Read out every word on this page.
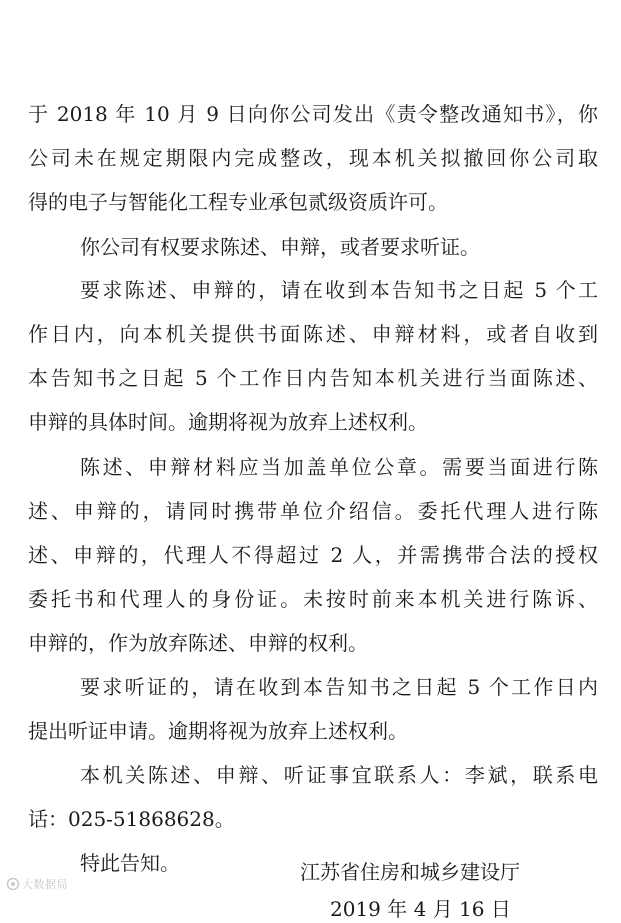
于 2018 年 10 月 9 日向你公司发出《责令整改通知书》，你
公司未在规定期限内完成整改，现本机关拟撤回你公司取
得的电子与智能化工程专业承包贰级资质许可。
你公司有权要求陈述、申辩，或者要求听证。
要求陈述、申辩的，请在收到本告知书之日起 5 个工
作日内，向本机关提供书面陈述、申辩材料，或者自收到
本告知书之日起 5 个工作日内告知本机关进行当面陈述、
申辩的具体时间。逾期将视为放弃上述权利。
陈述、申辩材料应当加盖单位公章。需要当面进行陈
述、申辩的，请同时携带单位介绍信。委托代理人进行陈
述、申辩的，代理人不得超过 2 人，并需携带合法的授权
委托书和代理人的身份证。未按时前来本机关进行陈诉、
申辩的，作为放弃陈述、申辩的权利。
要求听证的，请在收到本告知书之日起 5 个工作日内
提出听证申请。逾期将视为放弃上述权利。
本机关陈述、申辩、听证事宜联系人：李斌，联系电
话：025-51868628。
特此告知。	江苏省住房和城乡建设厅
2019 年 4 月 16 日
大数据局
